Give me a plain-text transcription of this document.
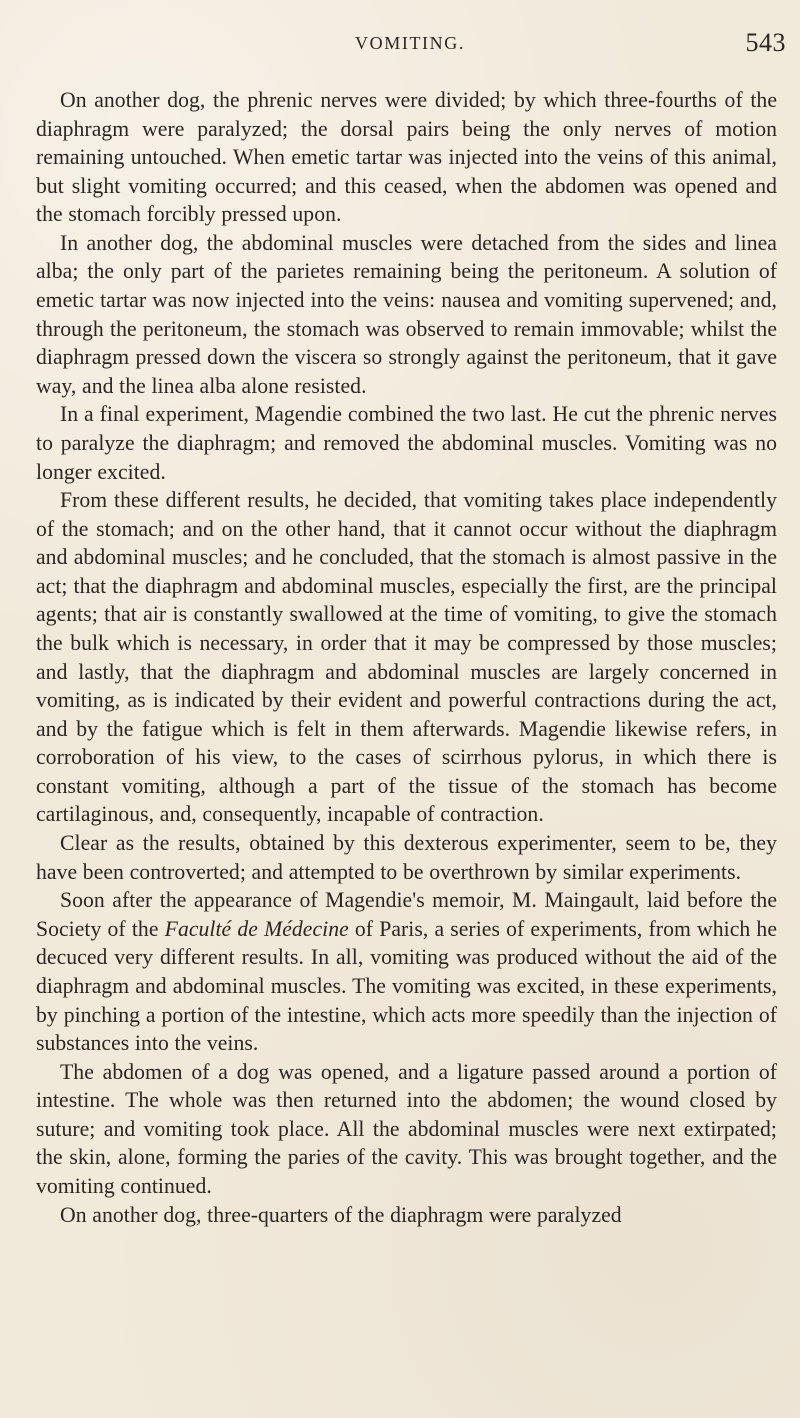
VOMITING.	543

On another dog, the phrenic nerves were divided; by which three-fourths of the diaphragm were paralyzed; the dorsal pairs being the only nerves of motion remaining untouched. When emetic tartar was injected into the veins of this animal, but slight vomiting occurred; and this ceased, when the abdomen was opened and the stomach forcibly pressed upon.

In another dog, the abdominal muscles were detached from the sides and linea alba; the only part of the parietes remaining being the peritoneum. A solution of emetic tartar was now injected into the veins: nausea and vomiting supervened; and, through the peritoneum, the stomach was observed to remain immovable; whilst the diaphragm pressed down the viscera so strongly against the peritoneum, that it gave way, and the linea alba alone resisted.

In a final experiment, Magendie combined the two last. He cut the phrenic nerves to paralyze the diaphragm; and removed the abdominal muscles. Vomiting was no longer excited.

From these different results, he decided, that vomiting takes place independently of the stomach; and on the other hand, that it cannot occur without the diaphragm and abdominal muscles; and he concluded, that the stomach is almost passive in the act; that the diaphragm and abdominal muscles, especially the first, are the principal agents; that air is constantly swallowed at the time of vomiting, to give the stomach the bulk which is necessary, in order that it may be compressed by those muscles; and lastly, that the diaphragm and abdominal muscles are largely concerned in vomiting, as is indicated by their evident and powerful contractions during the act, and by the fatigue which is felt in them afterwards. Magendie likewise refers, in corroboration of his view, to the cases of scirrhous pylorus, in which there is constant vomiting, although a part of the tissue of the stomach has become cartilaginous, and, consequently, incapable of contraction.

Clear as the results, obtained by this dexterous experimenter, seem to be, they have been controverted; and attempted to be overthrown by similar experiments.

Soon after the appearance of Magendie's memoir, M. Maingault, laid before the Society of the Faculté de Médecine of Paris, a series of experiments, from which he decuced very different results. In all, vomiting was produced without the aid of the diaphragm and abdominal muscles. The vomiting was excited, in these experiments, by pinching a portion of the intestine, which acts more speedily than the injection of substances into the veins.

The abdomen of a dog was opened, and a ligature passed around a portion of intestine. The whole was then returned into the abdomen; the wound closed by suture; and vomiting took place. All the abdominal muscles were next extirpated; the skin, alone, forming the paries of the cavity. This was brought together, and the vomiting continued.

On another dog, three-quarters of the diaphragm were paralyzed
